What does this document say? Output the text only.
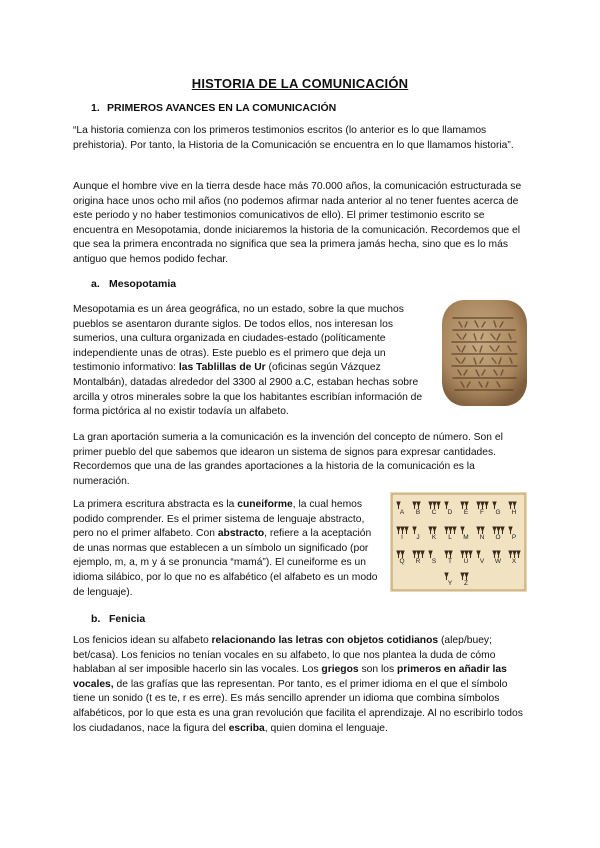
HISTORIA DE LA COMUNICACIÓN
1. PRIMEROS AVANCES EN LA COMUNICACIÓN

“La historia comienza con los primeros testimonios escritos (lo anterior es lo que llamamos prehistoria). Por tanto, la Historia de la Comunicación se encuentra en lo que llamamos historia”.

Aunque el hombre vive en la tierra desde hace más 70.000 años, la comunicación estructurada se origina hace unos ocho mil años (no podemos afirmar nada anterior al no tener fuentes acerca de este periodo y no haber testimonios comunicativos de ello). El primer testimonio escrito se encuentra en Mesopotamia, donde iniciaremos la historia de la comunicación. Recordemos que el que sea la primera encontrada no significa que sea la primera jamás hecha, sino que es lo más antiguo que hemos podido fechar.

a. Mesopotamia

Mesopotamia es un área geográfica, no un estado, sobre la que muchos pueblos se asentaron durante siglos. De todos ellos, nos interesan los sumerios, una cultura organizada en ciudades-estado (políticamente independiente unas de otras). Este pueblo es el primero que deja un testimonio informativo: las Tablillas de Ur (oficinas según Vázquez Montalbán), datadas alrededor del 3300 al 2900 a.C, estaban hechas sobre arcilla y otros minerales sobre la que los habitantes escribían información de forma pictórica al no existir todavía un alfabeto.

La gran aportación sumeria a la comunicación es la invención del concepto de número. Son el primer pueblo del que sabemos que idearon un sistema de signos para expresar cantidades. Recordemos que una de las grandes aportaciones a la historia de la comunicación es la numeración.

La primera escritura abstracta es la cuneiforme, la cual hemos podido comprender. Es el primer sistema de lenguaje abstracto, pero no el primer alfabeto. Con abstracto, refiere a la aceptación de unas normas que establecen a un símbolo un significado (por ejemplo, m, a, m y á se pronuncia “mamá”). El cuneiforme es un idioma silábico, por lo que no es alfabético (el alfabeto es un modo de lenguaje).

A B C D E F G H
I J K L M N O P
Q R S T U V W X
Y Z
b. Fenicia

Los fenicios idean su alfabeto relacionando las letras con objetos cotidianos (alep/buey; bet/casa). Los fenicios no tenían vocales en su alfabeto, lo que nos plantea la duda de cómo hablaban al ser imposible hacerlo sin las vocales. Los griegos son los primeros en añadir las vocales, de las grafías que las representan. Por tanto, es el primer idioma en el que el símbolo tiene un sonido (t es te, r es erre). Es más sencillo aprender un idioma que combina símbolos alfabéticos, por lo que esta es una gran revolución que facilita el aprendizaje. Al no escribirlo todos los ciudadanos, nace la figura del escriba, quien domina el lenguaje.
